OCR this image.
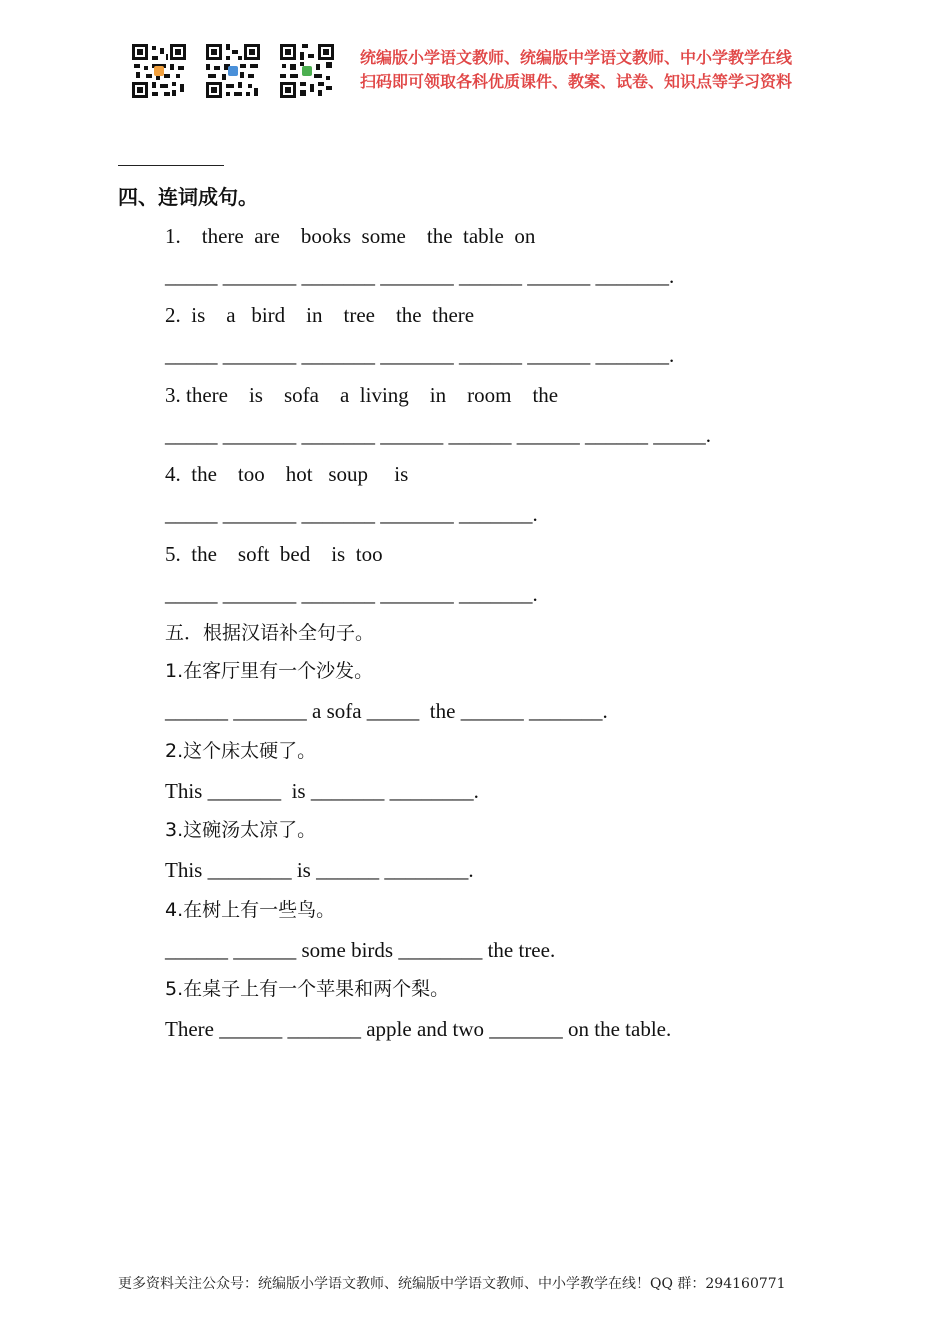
统编版小学语文教师、统编版中学语文教师、中小学教学在线
扫码即可领取各科优质课件、教案、试卷、知识点等学习资料
四、连词成句。
1.    there  are    books  some    the  table  on
_____ _______ _______ _______ ______ ______ _______.
2.  is    a   bird    in    tree    the  there
_____ _______ _______ _______ ______ ______ _______.
3. there    is    sofa    a  living    in    room    the
_____ _______ _______ ______ ______ ______ ______ _____.
4.  the    too    hot   soup     is
_____ _______ _______ _______ _______.
5.  the    soft  bed    is  too
_____ _______ _______ _______ _______.
五．根据汉语补全句子。
1.在客厅里有一个沙发。
______ _______ a sofa _____  the ______ _______.
2.这个床太硬了。
This _______  is _______ ________.
3.这碗汤太凉了。
This ________ is ______ ________.
4.在树上有一些鸟。
______ ______ some birds ________ the tree.
5.在桌子上有一个苹果和两个梨。
There ______ _______ apple and two _______ on the table.
更多资料关注公众号：统编版小学语文教师、统编版中学语文教师、中小学教学在线！QQ 群：294160771
